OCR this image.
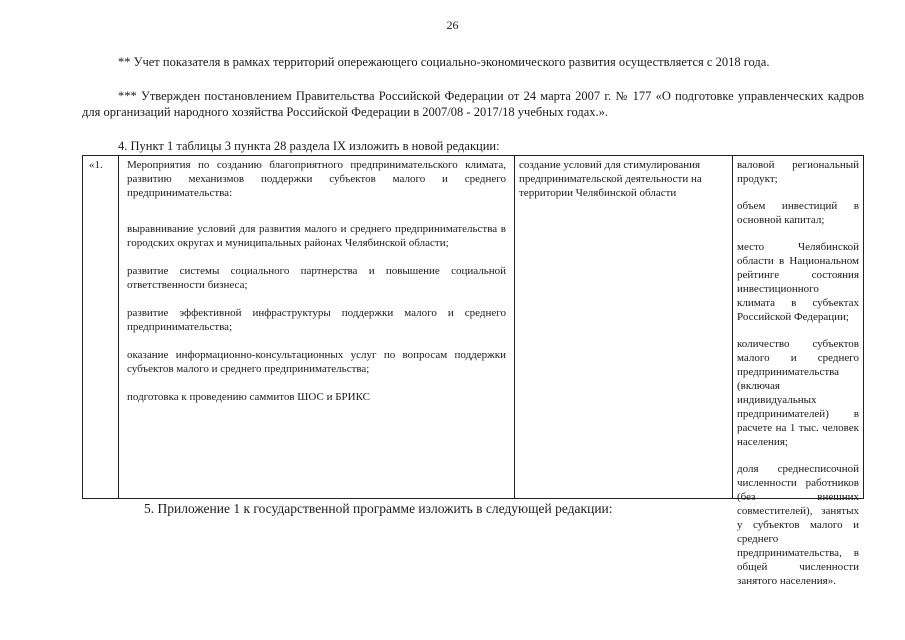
26

** Учет показателя в рамках территорий опережающего социально-экономического развития осуществляется с 2018 года.

*** Утвержден постановлением Правительства Российской Федерации от 24 марта 2007 г. № 177 «О подготовке управленческих кадров для организаций народного хозяйства Российской Федерации в 2007/08 - 2017/18 учебных годах.».

4. Пункт 1 таблицы 3 пункта 28 раздела IX изложить в новой редакции:

«1.	Мероприятия по созданию благоприятного предпринимательского климата, развитию механизмов поддержки субъектов малого и среднего предпринимательства:

выравнивание условий для развития малого и среднего предпринимательства в городских округах и муниципальных районах Челябинской области;

развитие системы социального партнерства и повышение социальной ответственности бизнеса;

развитие эффективной инфраструктуры поддержки малого и среднего предпринимательства;

оказание информационно-консультационных услуг по вопросам поддержки субъектов малого и среднего предпринимательства;

подготовка к проведению саммитов ШОС и БРИКС

создание условий для стимулирования предпринимательской деятельности на территории Челябинской области

валовой региональный продукт;

объем инвестиций в основной капитал;

место Челябинской области в Национальном рейтинге состояния инвестиционного климата в субъектах Российской Федерации;

количество субъектов малого и среднего предпринимательства (включая индивидуальных предпринимателей) в расчете на 1 тыс. человек населения;

доля среднесписочной численности работников (без внешних совместителей), занятых у субъектов малого и среднего предпринимательства, в общей численности занятого населения».

5. Приложение 1 к государственной программе изложить в следующей редакции:
